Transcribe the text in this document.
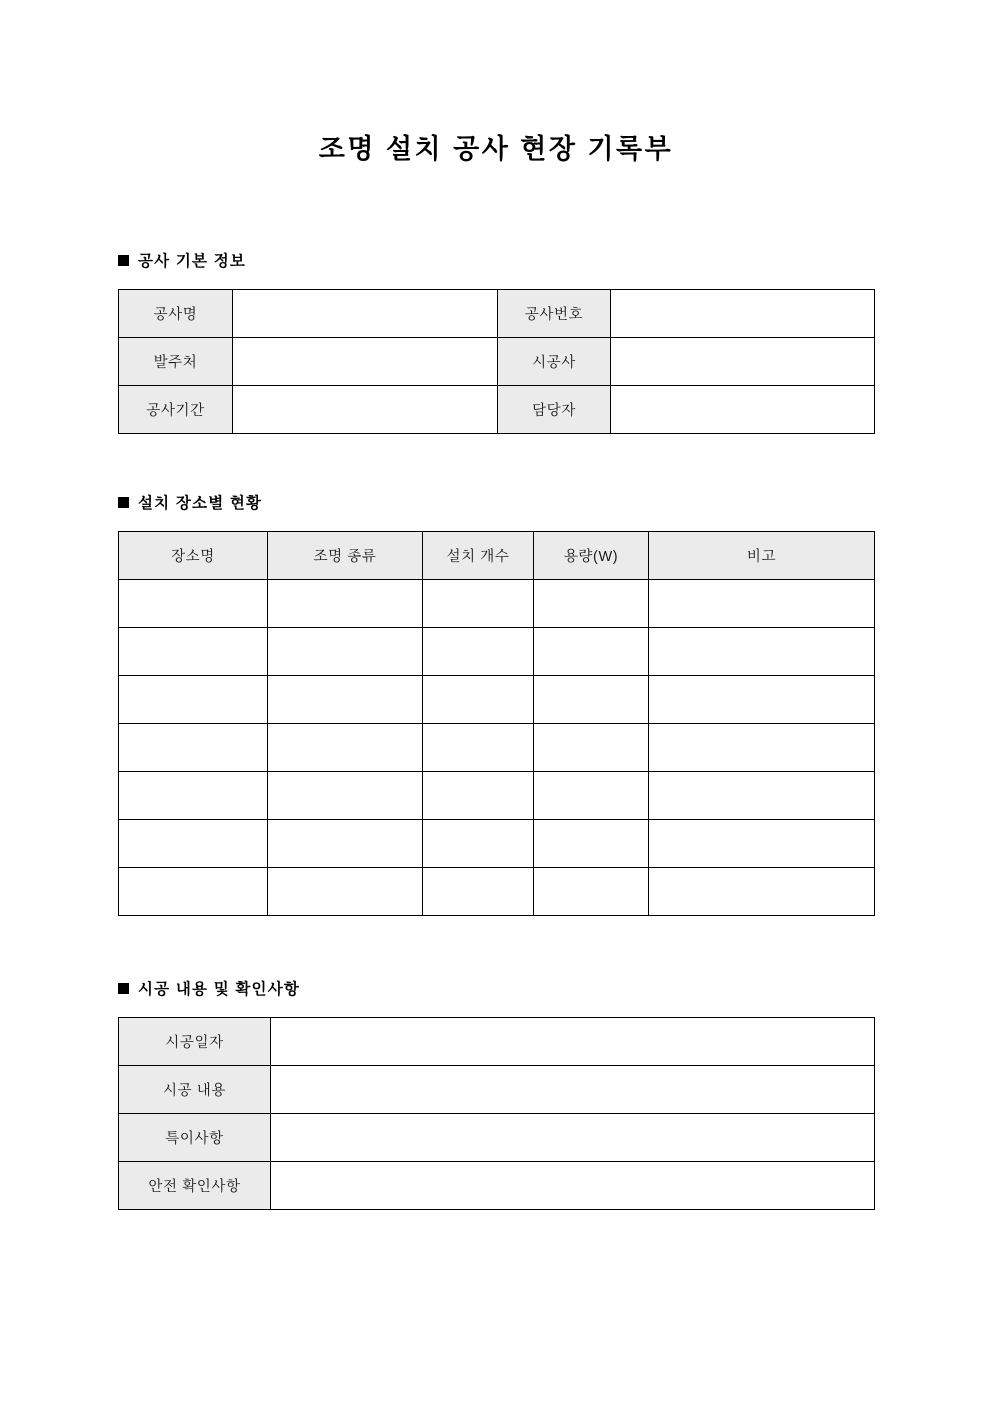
조명 설치 공사 현장 기록부
공사 기본 정보
공사명		공사번호	
발주처		시공사	
공사기간		담당자	
설치 장소별 현황
장소명	조명 종류	설치 개수	용량(W)	비고

시공 내용 및 확인사항
시공일자	
시공 내용	
특이사항	
안전 확인사항	
